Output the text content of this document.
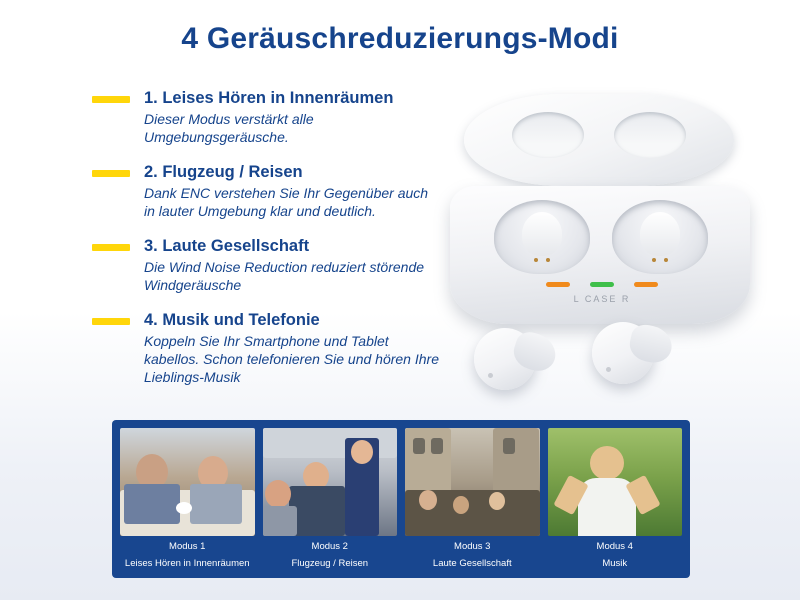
4 Geräuschreduzierungs-Modi
1. Leises Hören in Innenräumen
Dieser Modus verstärkt alle Umgebungsgeräusche.
2. Flugzeug / Reisen
Dank ENC verstehen Sie Ihr Gegenüber auch in lauter Umgebung klar und deutlich.
3. Laute Gesellschaft
Die Wind Noise Reduction reduziert störende Windgeräusche
4. Musik und Telefonie
Koppeln Sie Ihr Smartphone und Tablet kabellos. Schon telefonieren Sie und hören Ihre Lieblings-Musik
L CASE R
Modus 1
Leises Hören in Innenräumen
Modus 2
Flugzeug / Reisen
Modus 3
Laute Gesellschaft
Modus 4
Musik
